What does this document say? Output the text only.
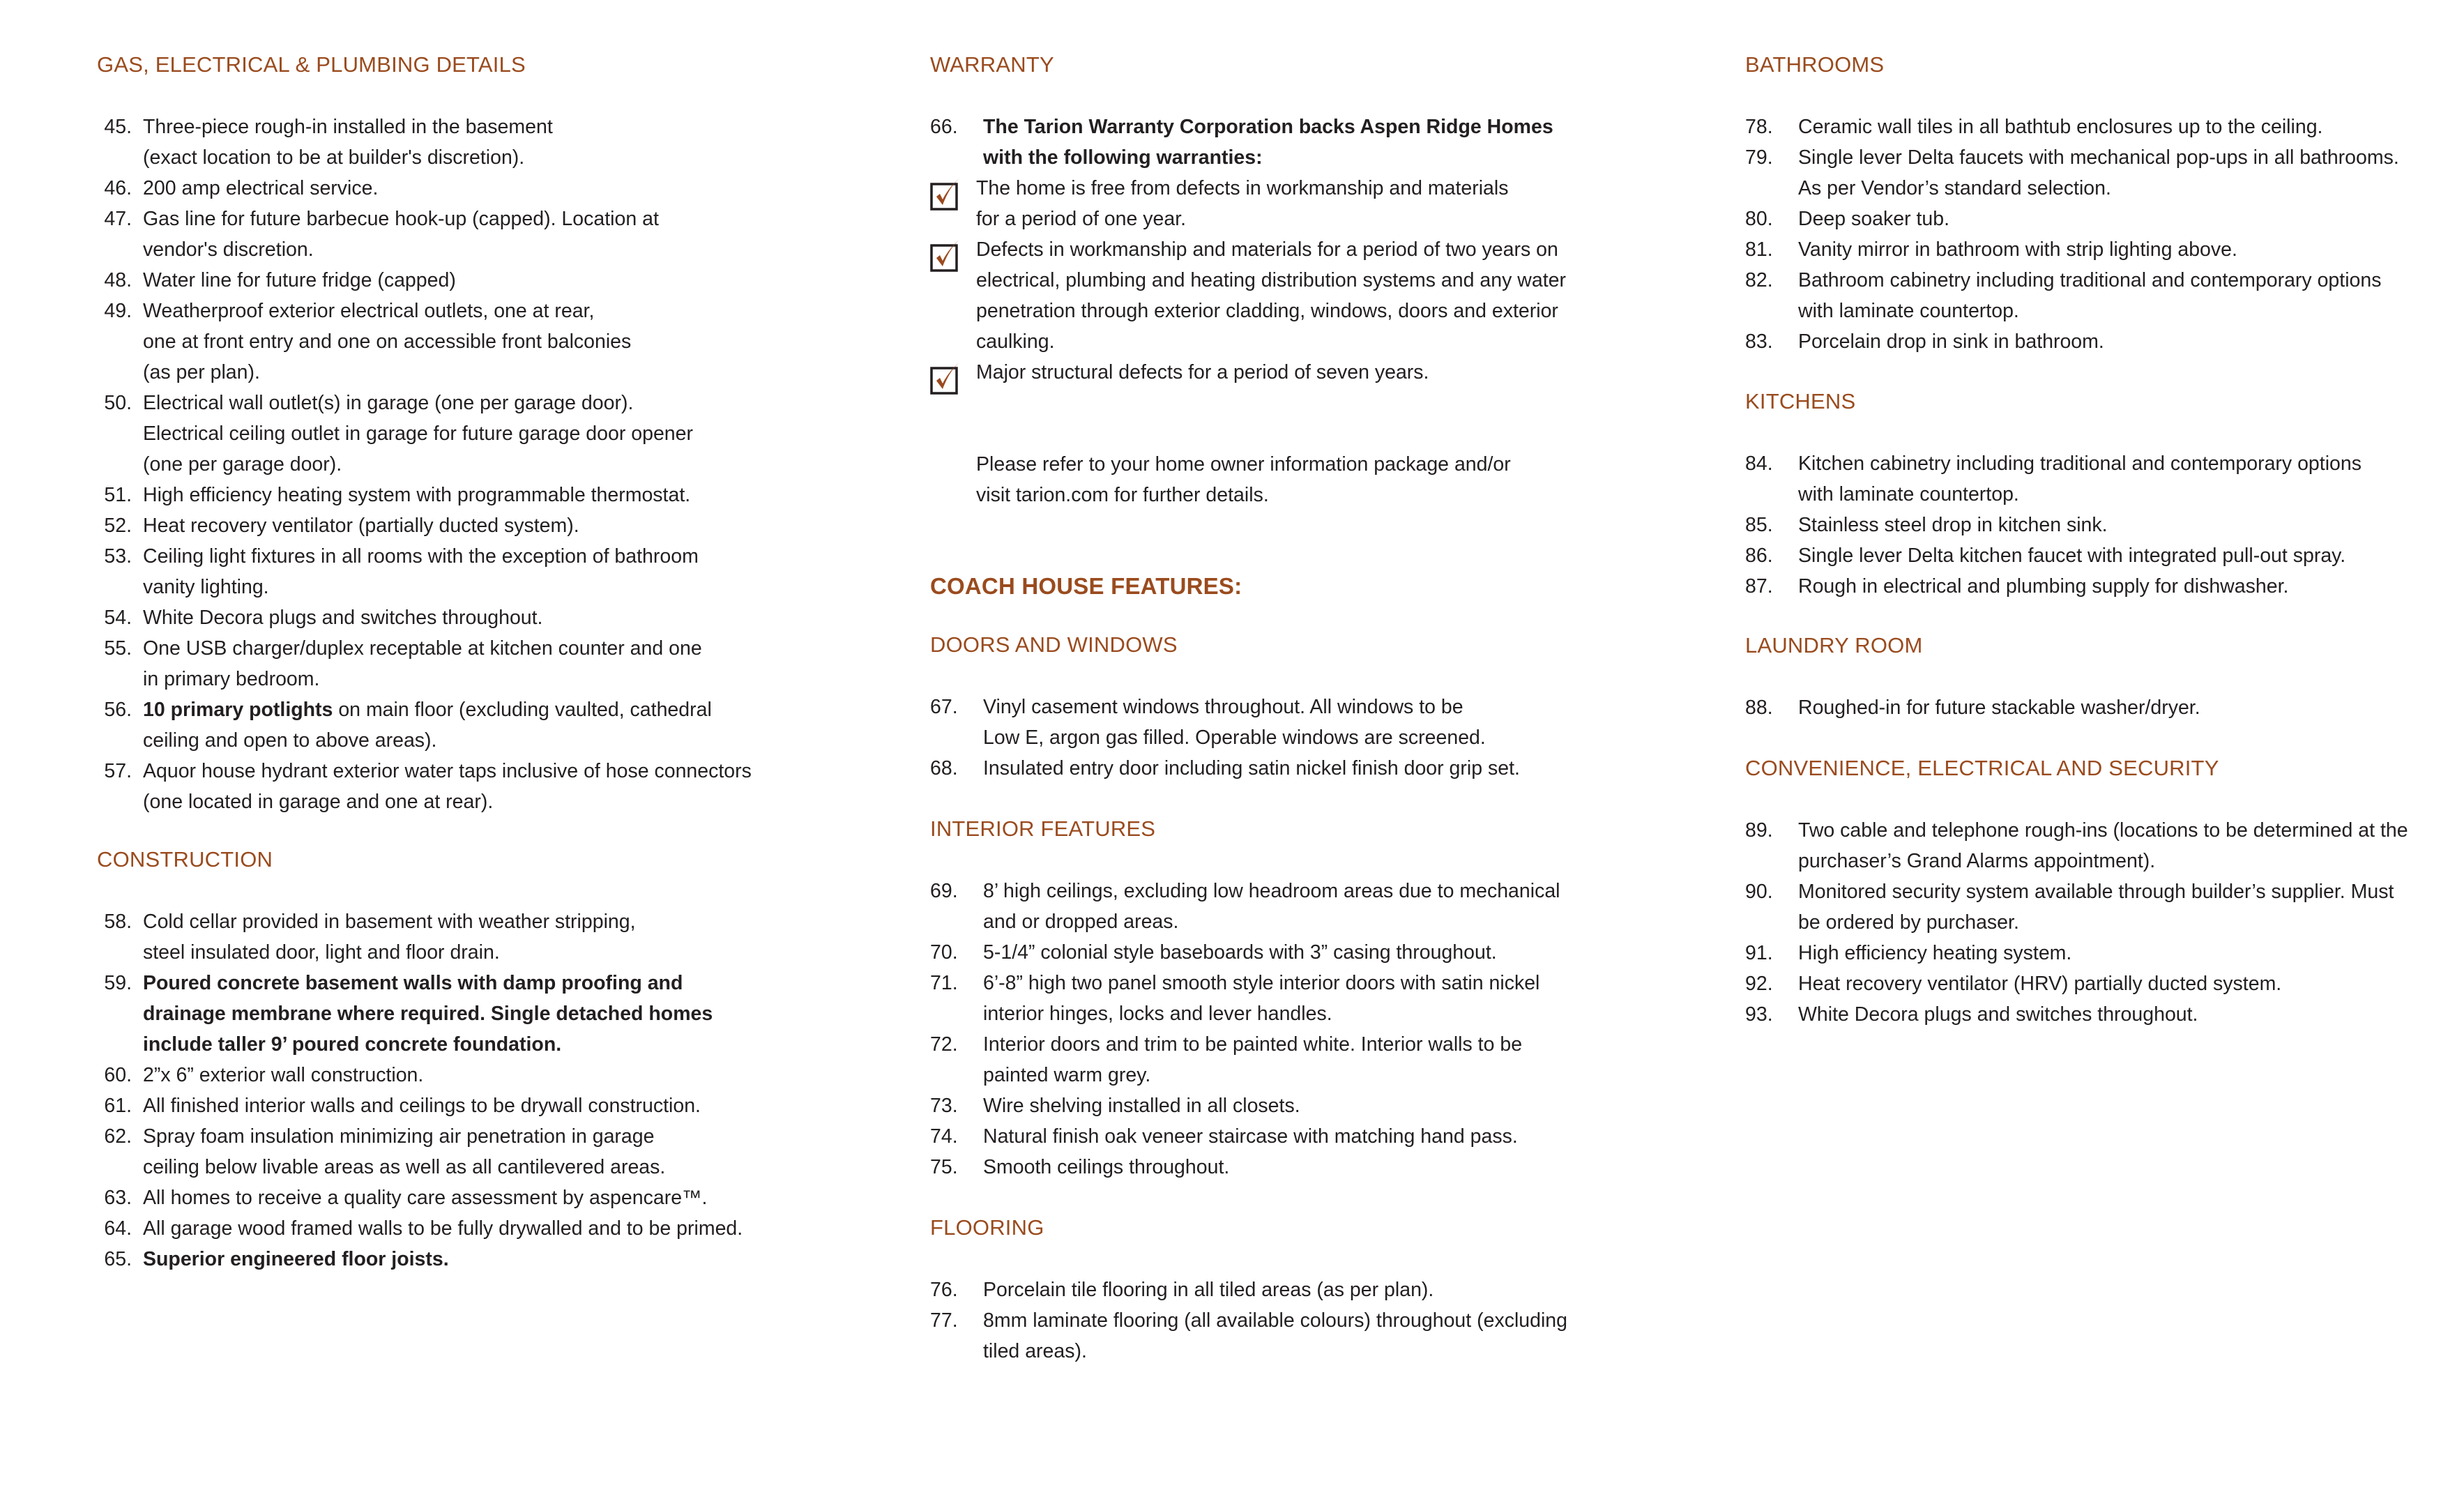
GAS, ELECTRICAL & PLUMBING DETAILS
45. Three-piece rough-in installed in the basement
(exact location to be at builder's discretion).
46. 200 amp electrical service.
47. Gas line for future barbecue hook-up (capped). Location at
vendor's discretion.
48. Water line for future fridge (capped)
49. Weatherproof exterior electrical outlets, one at rear,
one at front entry and one on accessible front balconies
(as per plan).
50. Electrical wall outlet(s) in garage (one per garage door).
Electrical ceiling outlet in garage for future garage door opener
(one per garage door).
51. High efficiency heating system with programmable thermostat.
52. Heat recovery ventilator (partially ducted system).
53. Ceiling light fixtures in all rooms with the exception of bathroom
vanity lighting.
54. White Decora plugs and switches throughout.
55. One USB charger/duplex receptable at kitchen counter and one
in primary bedroom.
56. 10 primary potlights on main floor (excluding vaulted, cathedral
ceiling and open to above areas).
57. Aquor house hydrant exterior water taps inclusive of hose connectors
(one located in garage and one at rear).
CONSTRUCTION
58. Cold cellar provided in basement with weather stripping,
steel insulated door, light and floor drain.
59. Poured concrete basement walls with damp proofing and
drainage membrane where required. Single detached homes
include taller 9’ poured concrete foundation.
60. 2”x 6” exterior wall construction.
61. All finished interior walls and ceilings to be drywall construction.
62. Spray foam insulation minimizing air penetration in garage
ceiling below livable areas as well as all cantilevered areas.
63. All homes to receive a quality care assessment by aspencare™.
64. All garage wood framed walls to be fully drywalled and to be primed.
65. Superior engineered floor joists.
WARRANTY
66. The Tarion Warranty Corporation backs Aspen Ridge Homes
with the following warranties:
The home is free from defects in workmanship and materials
for a period of one year.
Defects in workmanship and materials for a period of two years on
electrical, plumbing and heating distribution systems and any water
penetration through exterior cladding, windows, doors and exterior
caulking.
Major structural defects for a period of seven years.

Please refer to your home owner information package and/or
visit tarion.com for further details.

COACH HOUSE FEATURES:
DOORS AND WINDOWS
67. Vinyl casement windows throughout. All windows to be
Low E, argon gas filled. Operable windows are screened.
68. Insulated entry door including satin nickel finish door grip set.
INTERIOR FEATURES
69. 8’ high ceilings, excluding low headroom areas due to mechanical
and or dropped areas.
70. 5-1/4” colonial style baseboards with 3” casing throughout.
71. 6’-8” high two panel smooth style interior doors with satin nickel
interior hinges, locks and lever handles.
72. Interior doors and trim to be painted white. Interior walls to be
painted warm grey.
73. Wire shelving installed in all closets.
74. Natural finish oak veneer staircase with matching hand pass.
75. Smooth ceilings throughout.
FLOORING
76. Porcelain tile flooring in all tiled areas (as per plan).
77. 8mm laminate flooring (all available colours) throughout (excluding
tiled areas).
BATHROOMS
78. Ceramic wall tiles in all bathtub enclosures up to the ceiling.
79. Single lever Delta faucets with mechanical pop-ups in all bathrooms.
As per Vendor’s standard selection.
80. Deep soaker tub.
81. Vanity mirror in bathroom with strip lighting above.
82. Bathroom cabinetry including traditional and contemporary options
with laminate countertop.
83. Porcelain drop in sink in bathroom.
KITCHENS
84. Kitchen cabinetry including traditional and contemporary options
with laminate countertop.
85. Stainless steel drop in kitchen sink.
86. Single lever Delta kitchen faucet with integrated pull-out spray.
87. Rough in electrical and plumbing supply for dishwasher.
LAUNDRY ROOM
88. Roughed-in for future stackable washer/dryer.
CONVENIENCE, ELECTRICAL AND SECURITY
89. Two cable and telephone rough-ins (locations to be determined at the
purchaser’s Grand Alarms appointment).
90. Monitored security system available through builder’s supplier. Must
be ordered by purchaser.
91. High efficiency heating system.
92. Heat recovery ventilator (HRV) partially ducted system.
93. White Decora plugs and switches throughout.
